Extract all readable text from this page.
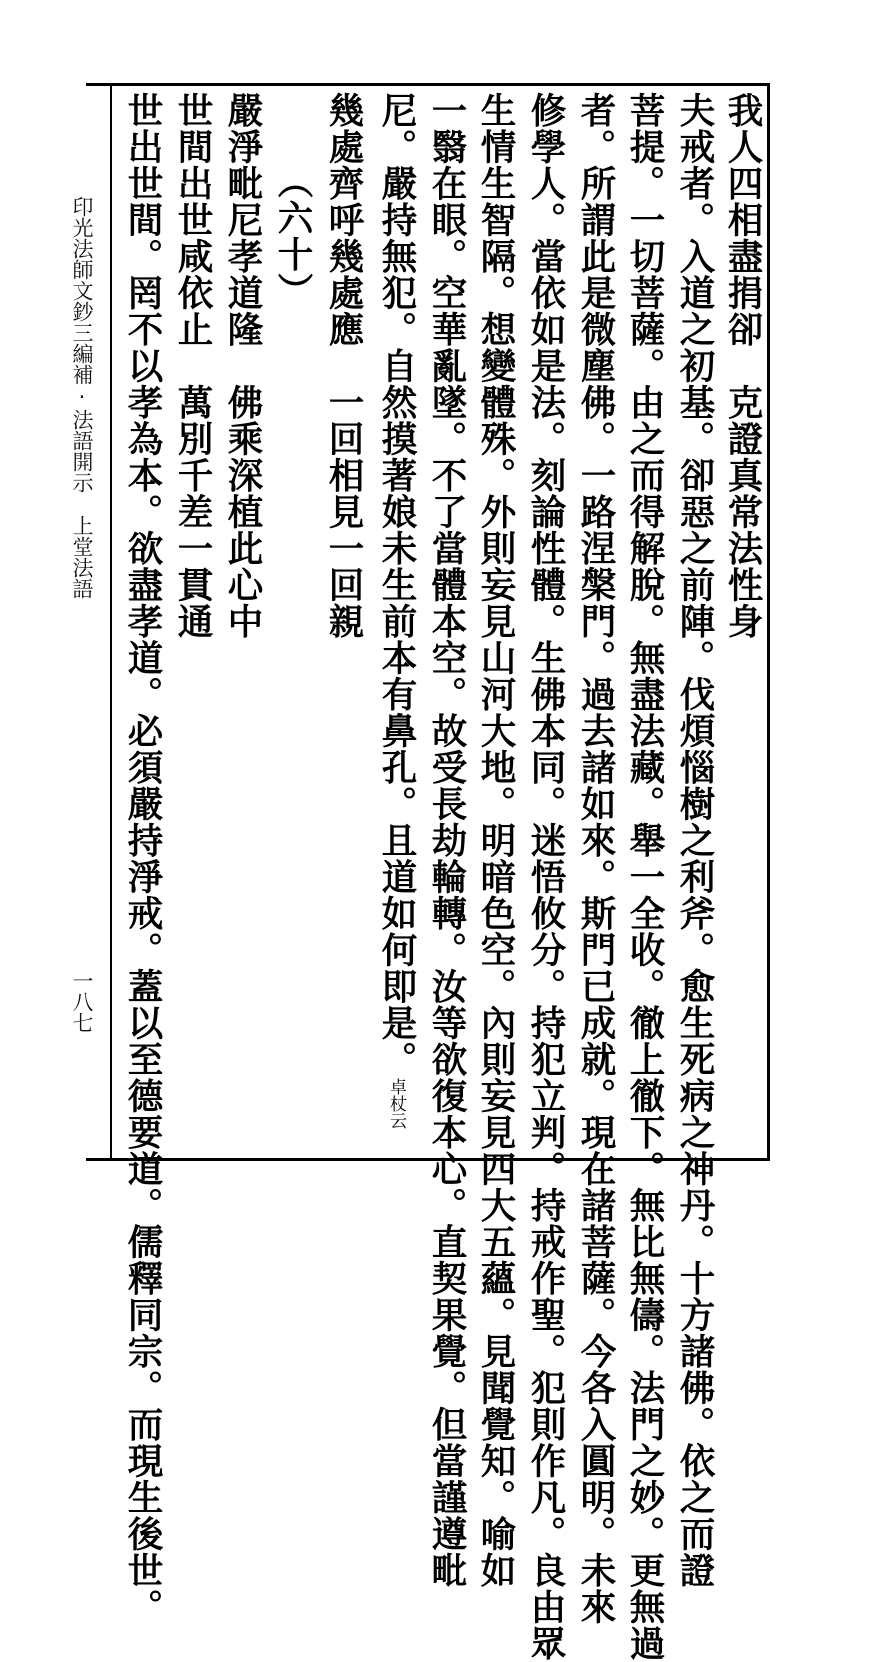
印光法師文鈔三編補·法語開示
上堂法語
一八七
我人四相盡捐卻　克證真常法性身
夫戒者。入道之初基。卻惡之前陣。伐煩惱樹之利斧。愈生死病之神丹。十方諸佛。依之而證
菩提。一切菩薩。由之而得解脫。無盡法藏。舉一全收。徹上徹下。無比無儔。法門之妙。更無過
者。所謂此是微塵佛。一路涅槃門。過去諸如來。斯門已成就。現在諸菩薩。今各入圓明。未來
修學人。當依如是法。刻論性體。生佛本同。迷悟攸分。持犯立判。持戒作聖。犯則作凡。良由眾
生情生智隔。想變體殊。外則妄見山河大地。明暗色空。內則妄見四大五蘊。見聞覺知。喻如
一翳在眼。空華亂墜。不了當體本空。故受長劫輪轉。汝等欲復本心。直契果覺。但當謹遵毗
尼。嚴持無犯。自然摸著娘未生前本有鼻孔。且道如何即是。卓杖云
幾處齊呼幾處應　一回相見一回親
（六十）
嚴淨毗尼孝道隆　佛乘深植此心中
世間出世咸依止　萬別千差一貫通
世出世間。罔不以孝為本。欲盡孝道。必須嚴持淨戒。蓋以至德要道。儒釋同宗。而現生後世。
